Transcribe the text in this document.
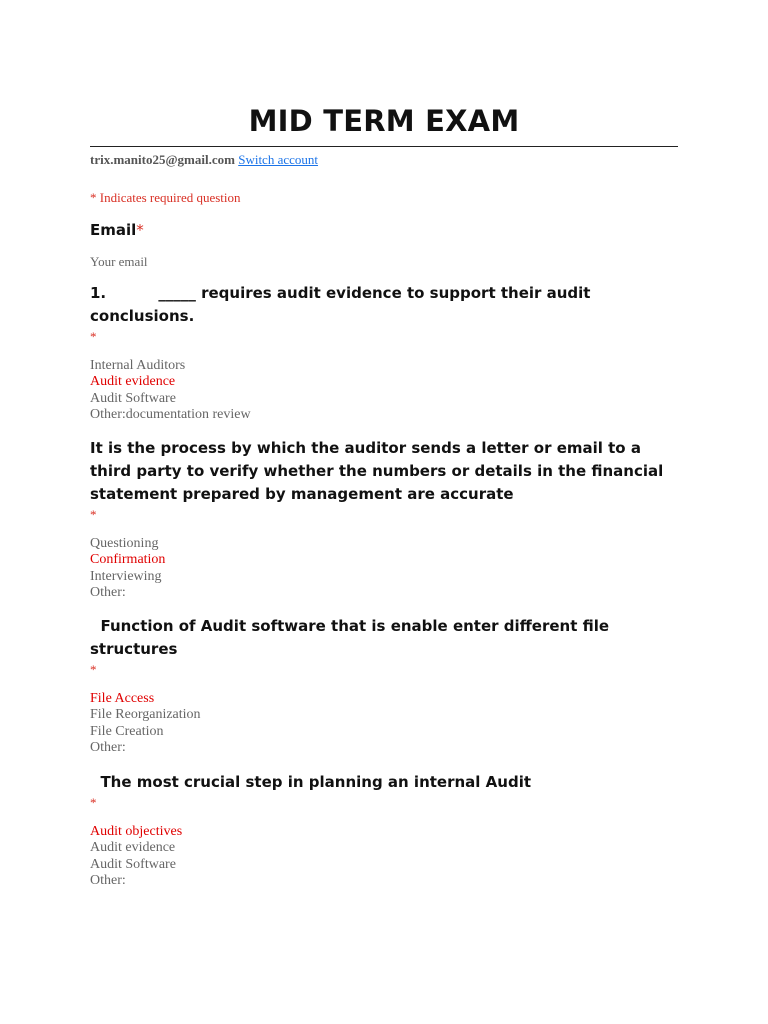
MID TERM EXAM
trix.manito25@gmail.com Switch account
* Indicates required question
Email*
Your email

1.          _____ requires audit evidence to support their audit conclusions.

*
Internal Auditors
Audit evidence
Audit Software
Other:documentation review

It is the process by which the auditor sends a letter or email to a third party to verify whether the numbers or details in the financial statement prepared by management are accurate

*
Questioning
Confirmation
Interviewing
Other:

Function of Audit software that is enable enter different file structures

*
File Access
File Reorganization
File Creation
Other:

The most crucial step in planning an internal Audit

*
Audit objectives
Audit evidence
Audit Software
Other:
